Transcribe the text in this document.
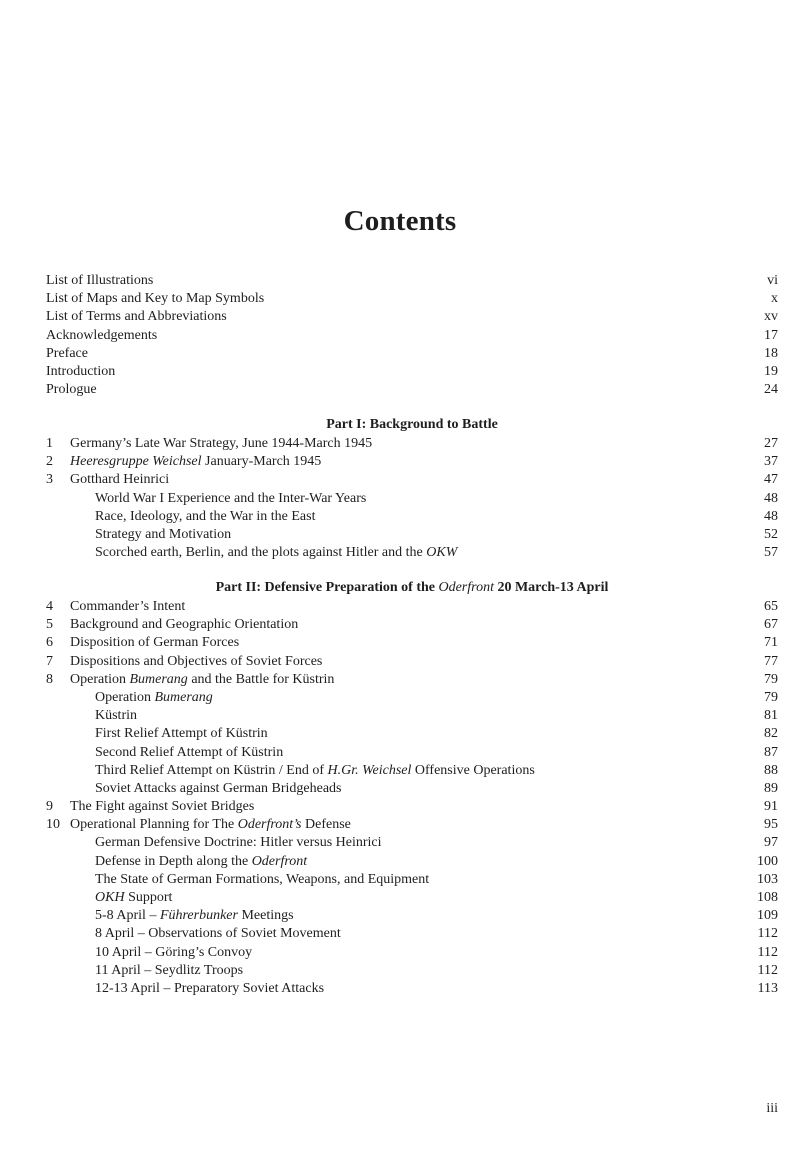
Contents
List of Illustrations	vi
List of Maps and Key to Map Symbols	x
List of Terms and Abbreviations	xv
Acknowledgements	17
Preface	18
Introduction	19
Prologue	24
Part I: Background to Battle
1	Germany’s Late War Strategy, June 1944-March 1945	27
2	Heeresgruppe Weichsel January-March 1945	37
3	Gotthard Heinrici	47
World War I Experience and the Inter-War Years	48
Race, Ideology, and the War in the East	48
Strategy and Motivation	52
Scorched earth, Berlin, and the plots against Hitler and the OKW	57
Part II: Defensive Preparation of the Oderfront 20 March-13 April
4	Commander’s Intent	65
5	Background and Geographic Orientation	67
6	Disposition of German Forces	71
7	Dispositions and Objectives of Soviet Forces	77
8	Operation Bumerang and the Battle for Küstrin	79
Operation Bumerang	79
Küstrin	81
First Relief Attempt of Küstrin	82
Second Relief Attempt of Küstrin	87
Third Relief Attempt on Küstrin / End of H.Gr. Weichsel Offensive Operations	88
Soviet Attacks against German Bridgeheads	89
9	The Fight against Soviet Bridges	91
10 Operational Planning for The Oderfront’s Defense	95
German Defensive Doctrine: Hitler versus Heinrici	97
Defense in Depth along the Oderfront	100
The State of German Formations, Weapons, and Equipment	103
OKH Support	108
5-8 April – Führerbunker Meetings	109
8 April – Observations of Soviet Movement	112
10 April – Göring’s Convoy	112
11 April – Seydlitz Troops	112
12-13 April – Preparatory Soviet Attacks	113
iii
